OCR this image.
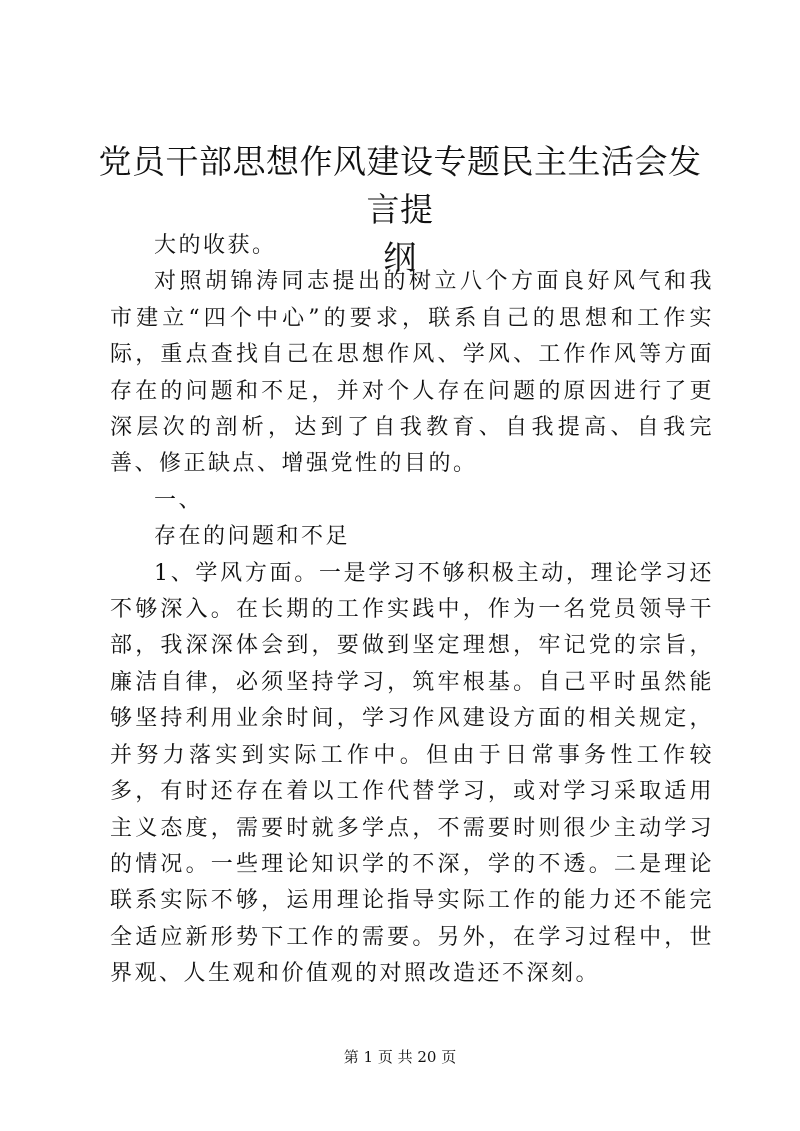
党员干部思想作风建设专题民主生活会发言提
纲

大的收获。

对照胡锦涛同志提出的树立八个方面良好风气和我市建立“四个中心”的要求，联系自己的思想和工作实际，重点查找自己在思想作风、学风、工作作风等方面存在的问题和不足，并对个人存在问题的原因进行了更深层次的剖析，达到了自我教育、自我提高、自我完善、修正缺点、增强党性的目的。

一、

存在的问题和不足

1、学风方面。一是学习不够积极主动，理论学习还不够深入。在长期的工作实践中，作为一名党员领导干部，我深深体会到，要做到坚定理想，牢记党的宗旨，廉洁自律，必须坚持学习，筑牢根基。自己平时虽然能够坚持利用业余时间，学习作风建设方面的相关规定，并努力落实到实际工作中。但由于日常事务性工作较多，有时还存在着以工作代替学习，或对学习采取适用主义态度，需要时就多学点，不需要时则很少主动学习的情况。一些理论知识学的不深，学的不透。二是理论联系实际不够，运用理论指导实际工作的能力还不能完全适应新形势下工作的需要。另外，在学习过程中，世界观、人生观和价值观的对照改造还不深刻。

第 1 页 共 20 页
